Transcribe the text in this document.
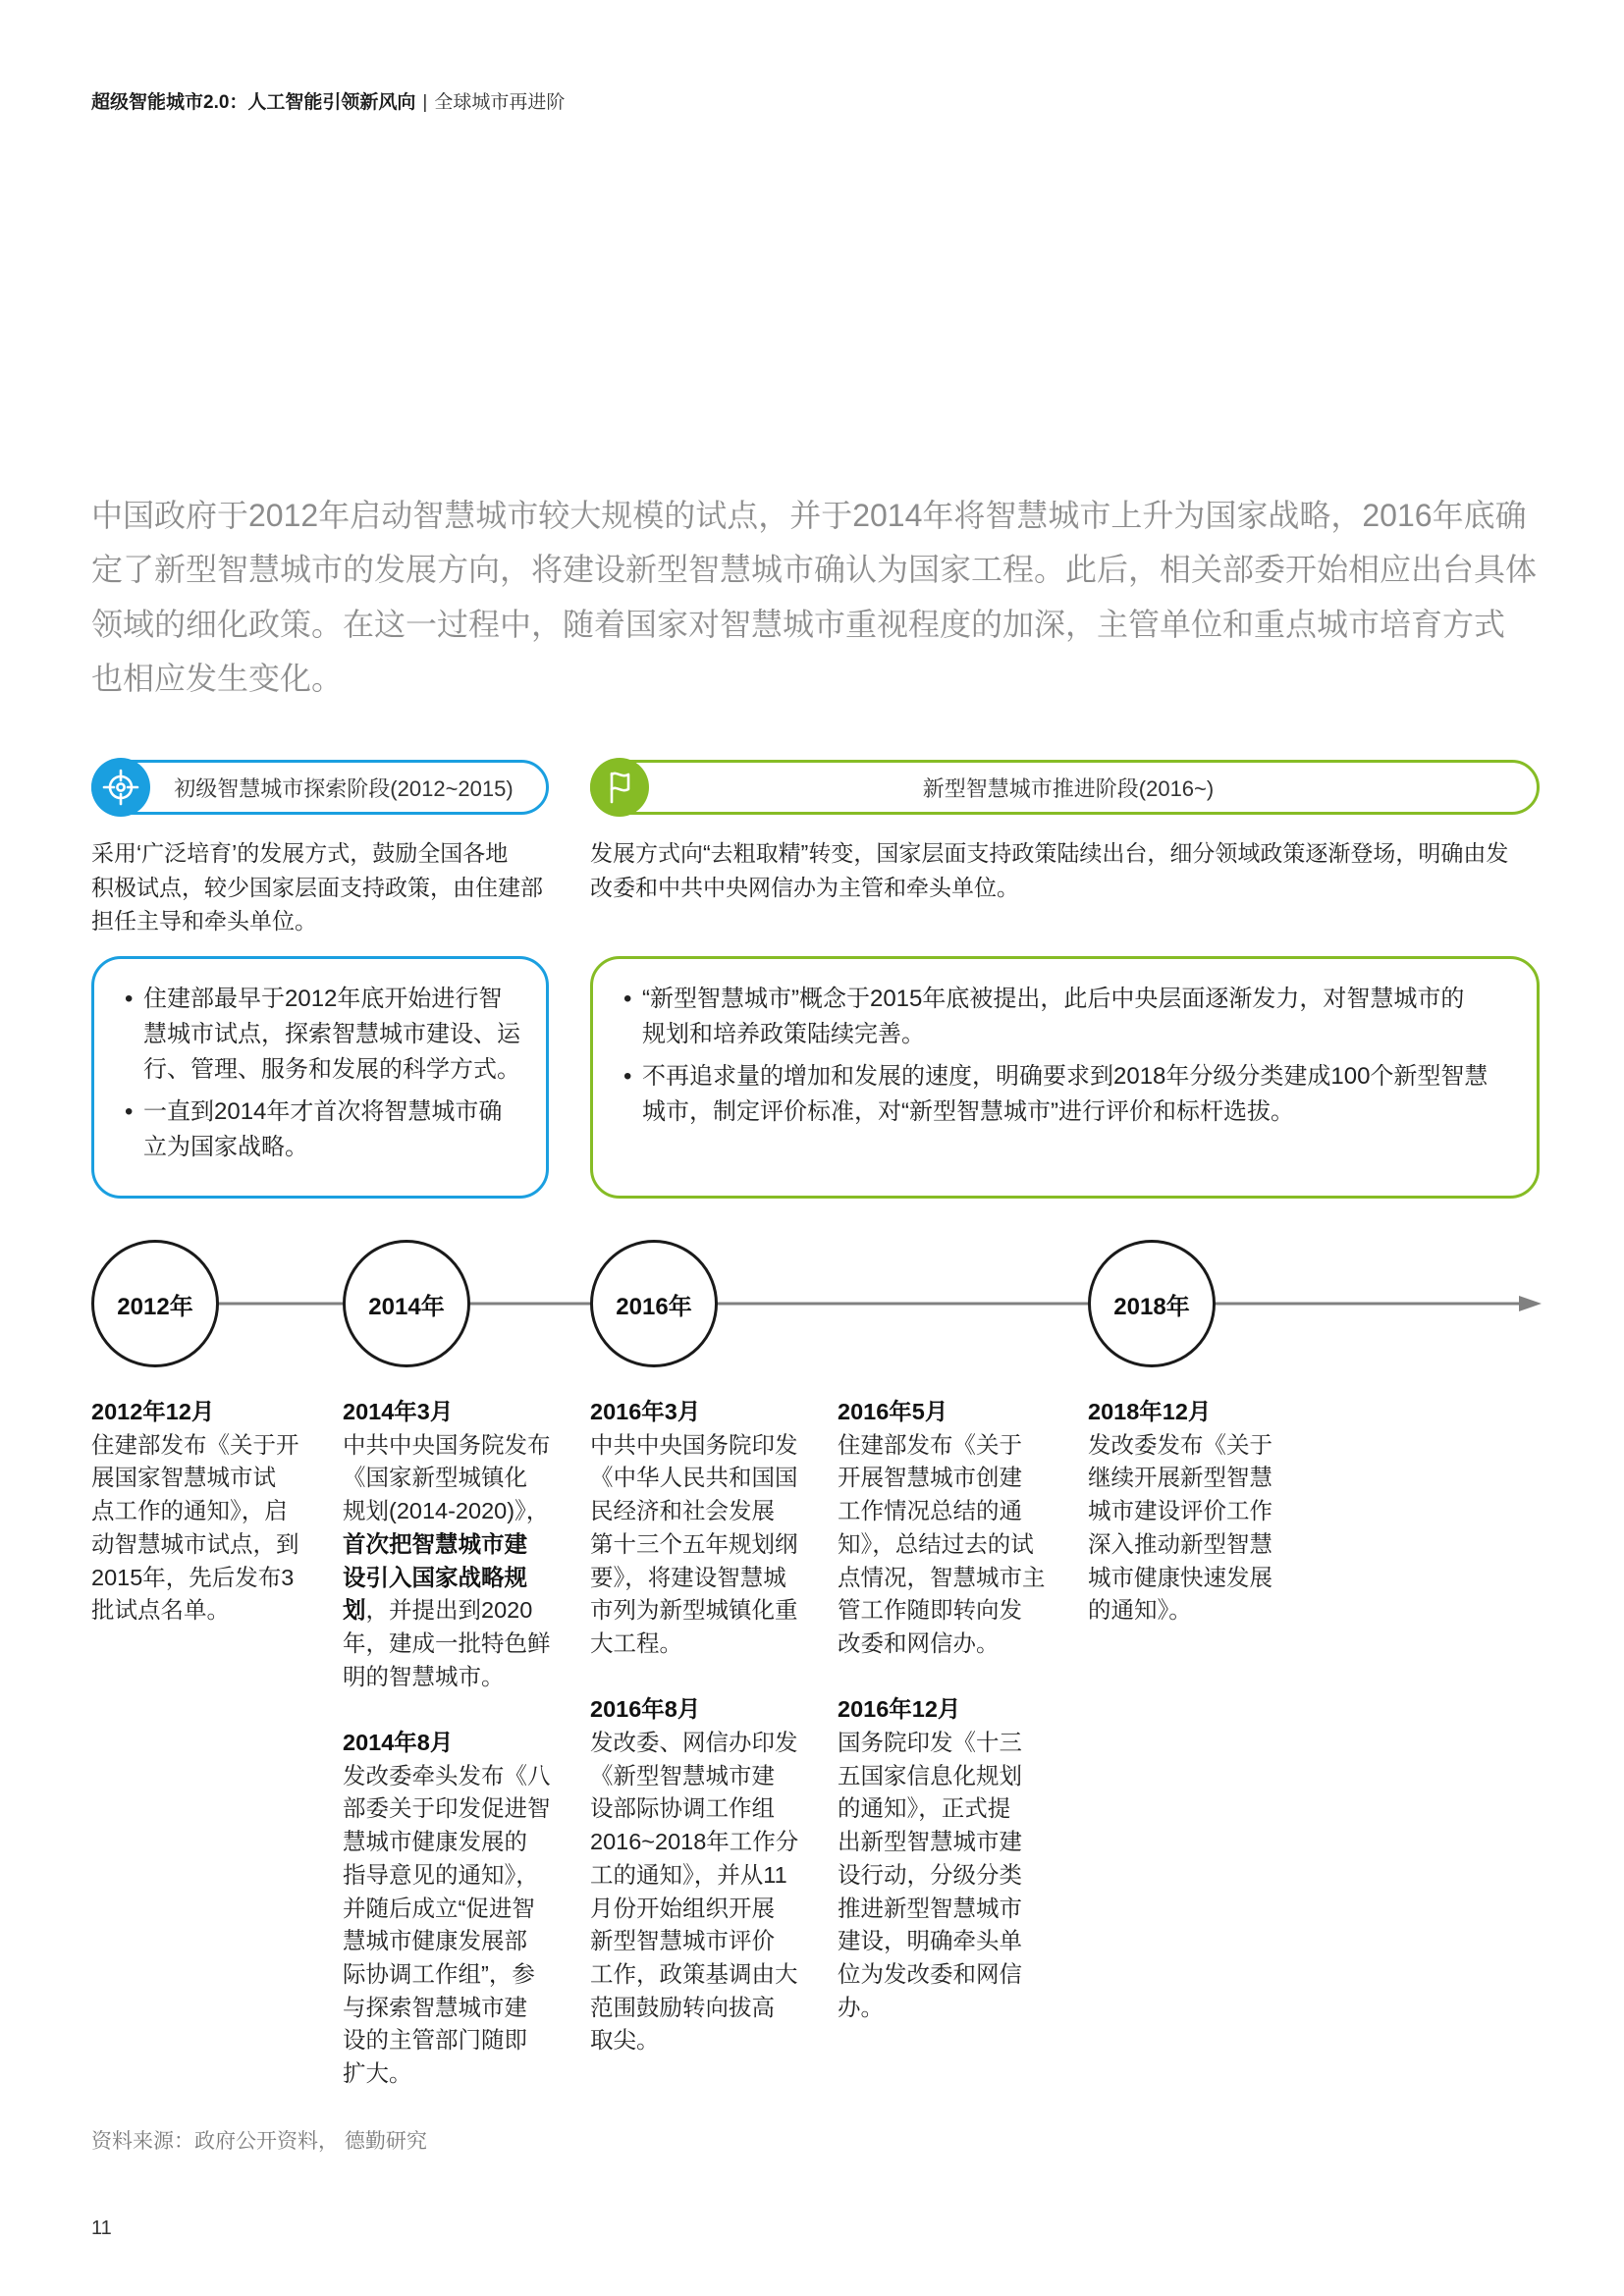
超级智能城市2.0：人工智能引领新风向 | 全球城市再进阶
中国政府于2012年启动智慧城市较大规模的试点，并于2014年将智慧城市上升为国家战略，2016年底确
定了新型智慧城市的发展方向，将建设新型智慧城市确认为国家工程。此后，相关部委开始相应出台具体
领域的细化政策。在这一过程中，随着国家对智慧城市重视程度的加深，主管单位和重点城市培育方式
也相应发生变化。
初级智慧城市探索阶段(2012~2015)	新型智慧城市推进阶段(2016~)
采用‘广泛培育’的发展方式，鼓励全国各地
积极试点，较少国家层面支持政策，由住建部
担任主导和牵头单位。
发展方式向“去粗取精”转变，国家层面支持政策陆续出台，细分领域政策逐渐登场，明确由发
改委和中共中央网信办为主管和牵头单位。
• 住建部最早于2012年底开始进行智
慧城市试点，探索智慧城市建设、运
行、管理、服务和发展的科学方式。
• 一直到2014年才首次将智慧城市确
立为国家战略。
• “新型智慧城市”概念于2015年底被提出，此后中央层面逐渐发力，对智慧城市的
规划和培养政策陆续完善。
• 不再追求量的增加和发展的速度，明确要求到2018年分级分类建成100个新型智慧
城市，制定评价标准，对“新型智慧城市”进行评价和标杆选拔。
2012年	2014年	2016年	2018年
2012年12月
住建部发布《关于开
展国家智慧城市试
点工作的通知》，启
动智慧城市试点，到
2015年，先后发布3
批试点名单。
2014年3月
中共中央国务院发布
《国家新型城镇化
规划(2014-2020)》，
首次把智慧城市建
设引入国家战略规
划，并提出到2020
年，建成一批特色鲜
明的智慧城市。
2014年8月
发改委牵头发布《八
部委关于印发促进智
慧城市健康发展的
指导意见的通知》，
并随后成立“促进智
慧城市健康发展部
际协调工作组”，参
与探索智慧城市建
设的主管部门随即
扩大。
2016年3月
中共中央国务院印发
《中华人民共和国国
民经济和社会发展
第十三个五年规划纲
要》，将建设智慧城
市列为新型城镇化重
大工程。
2016年8月
发改委、网信办印发
《新型智慧城市建
设部际协调工作组
2016~2018年工作分
工的通知》，并从11
月份开始组织开展
新型智慧城市评价
工作，政策基调由大
范围鼓励转向拔高
取尖。
2016年5月
住建部发布《关于
开展智慧城市创建
工作情况总结的通
知》，总结过去的试
点情况，智慧城市主
管工作随即转向发
改委和网信办。
2016年12月
国务院印发《十三
五国家信息化规划
的通知》，正式提
出新型智慧城市建
设行动，分级分类
推进新型智慧城市
建设，明确牵头单
位为发改委和网信
办。
2018年12月
发改委发布《关于
继续开展新型智慧
城市建设评价工作
深入推动新型智慧
城市健康快速发展
的通知》。
资料来源：政府公开资料， 德勤研究
11
